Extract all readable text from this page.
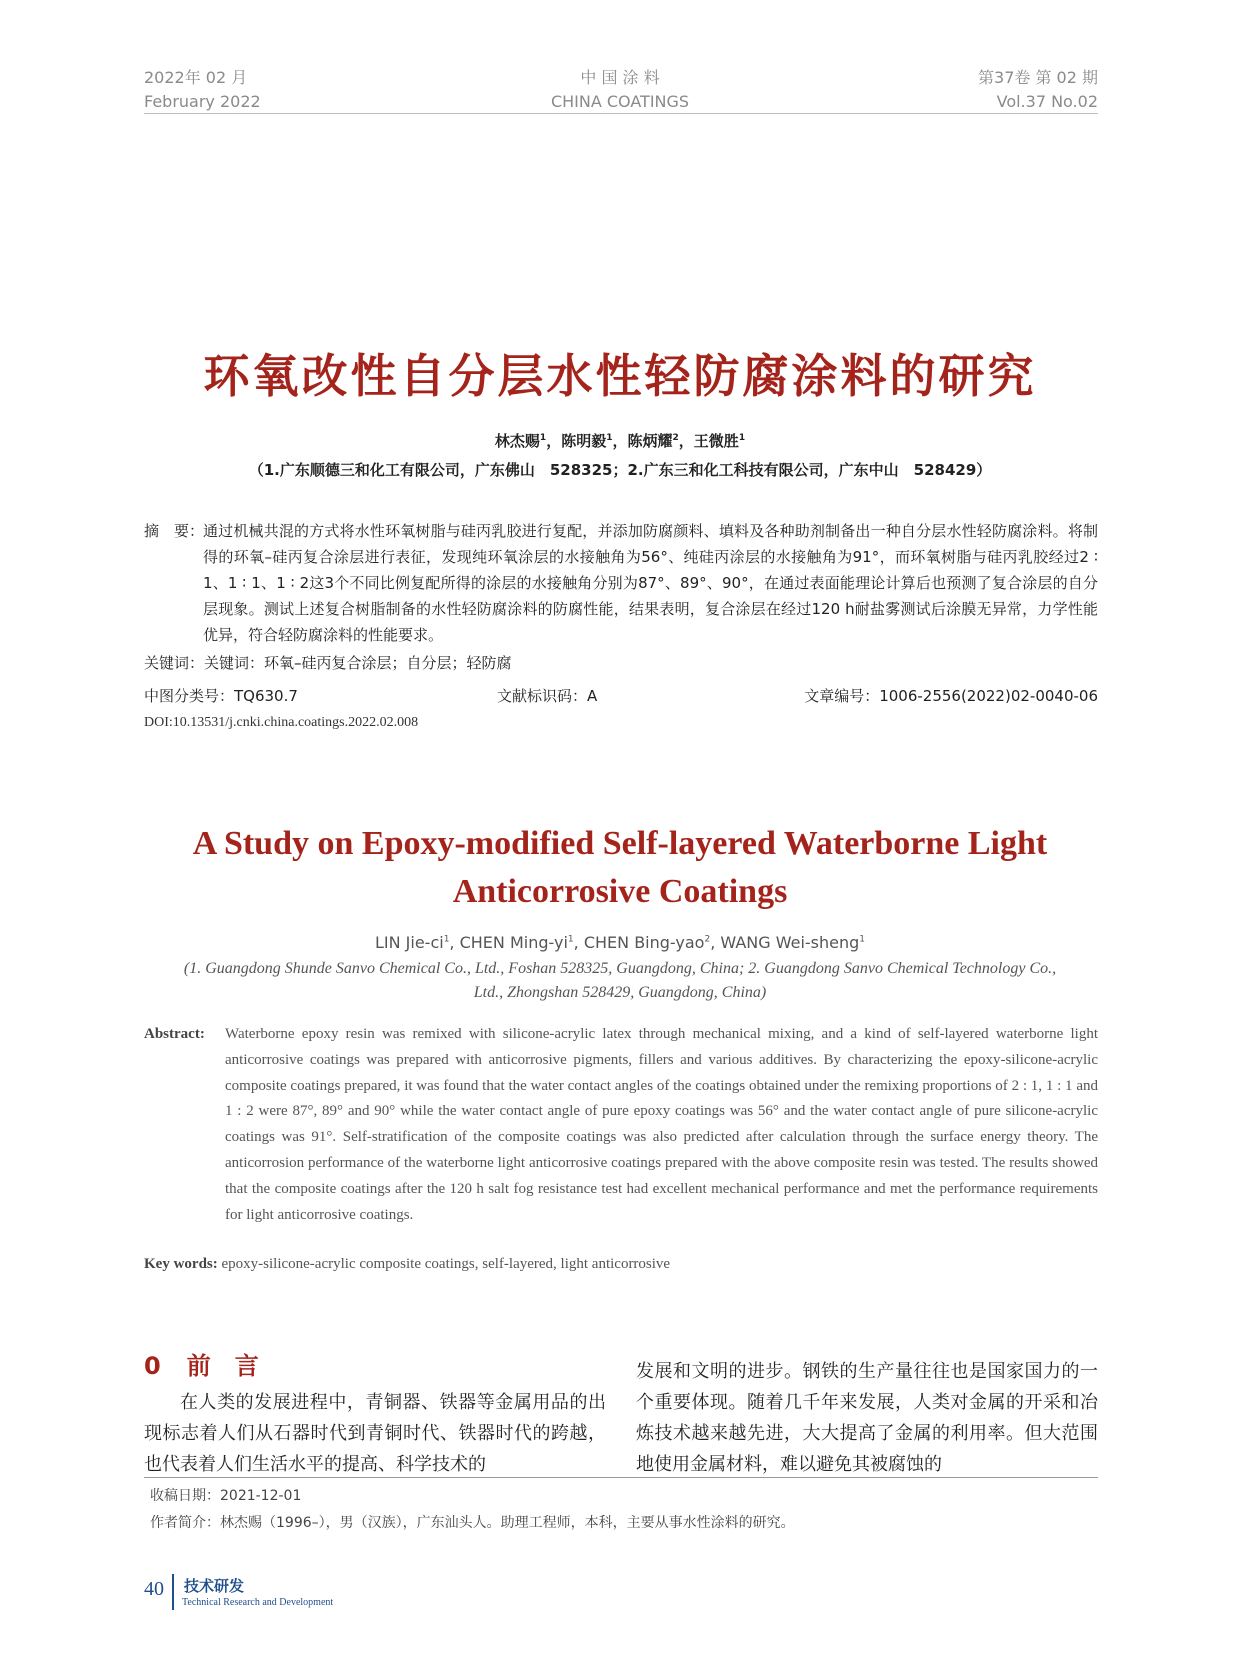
2022年 02 月
February 2022
中 国 涂 料
CHINA COATINGS
第37卷 第 02 期
Vol.37 No.02
环氧改性自分层水性轻防腐涂料的研究
林杰赐$^1$，陈明毅$^1$，陈炳耀$^2$，王微胜$^1$
（1.广东顺德三和化工有限公司，广东佛山　528325；2.广东三和化工科技有限公司，广东中山　528429）
摘　要：
通过机械共混的方式将水性环氧树脂与硅丙乳胶进行复配，并添加防腐颜料、填料及各种助剂制备出一种自分层水性轻防腐涂料。将制得的环氧–硅丙复合涂层进行表征，发现纯环氧涂层的水接触角为56°、纯硅丙涂层的水接触角为91°，而环氧树脂与硅丙乳胶经过2 ∶ 1、1 ∶ 1、1 ∶ 2这3个不同比例复配所得的涂层的水接触角分别为87°、89°、90°，在通过表面能理论计算后也预测了复合涂层的自分层现象。测试上述复合树脂制备的水性轻防腐涂料的防腐性能，结果表明，复合涂层在经过120 h耐盐雾测试后涂膜无异常，力学性能优异，符合轻防腐涂料的性能要求。
关键词：关键词：环氧–硅丙复合涂层；自分层；轻防腐
中图分类号：TQ630.7	文献标识码：A	文章编号：1006-2556(2022)02-0040-06
DOI:10.13531/j.cnki.china.coatings.2022.02.008
A Study on Epoxy-modified Self-layered Waterborne Light
Anticorrosive Coatings
LIN Jie-$ci^1$, CHEN Ming-$yi^1$, CHEN Bing-yao$^2$, WANG Wei-sheng$^1$
(1. Guangdong Shunde Sanvo Chemical Co., Ltd., Foshan 528325, Guangdong, China; 2. Guangdong Sanvo Chemical Technology Co., Ltd., Zhongshan 528429, Guangdong, China)
Abstract: Waterborne epoxy resin was remixed with silicone-acrylic latex through mechanical mixing, and a kind of self-layered waterborne light anticorrosive coatings was prepared with anticorrosive pigments, fillers and various additives. By characterizing the epoxy-silicone-acrylic composite coatings prepared, it was found that the water contact angles of the coatings obtained under the remixing proportions of 2 : 1, 1 : 1 and 1 : 2 were 87°, 89° and 90° while the water contact angle of pure epoxy coatings was 56° and the water contact angle of pure silicone-acrylic coatings was 91°. Self-stratification of the composite coatings was also predicted after calculation through the surface energy theory. The anticorrosion performance of the waterborne light anticorrosive coatings prepared with the above composite resin was tested. The results showed that the composite coatings after the 120 h salt fog resistance test had excellent mechanical performance and met the performance requirements for light anticorrosive coatings.
Key words: epoxy-silicone-acrylic composite coatings, self-layered, light anticorrosive
0 前　言
在人类的发展进程中，青铜器、铁器等金属用品的出现标志着人们从石器时代到青铜时代、铁器时代的跨越，也代表着人们生活水平的提高、科学技术的
发展和文明的进步。钢铁的生产量往往也是国家国力的一个重要体现。随着几千年来发展，人类对金属的开采和冶炼技术越来越先进，大大提高了金属的利用率。但大范围地使用金属材料，难以避免其被腐蚀的
收稿日期：2021-12-01
作者简介：林杰赐（1996–），男（汉族），广东汕头人。助理工程师，本科，主要从事水性涂料的研究。
40 技术研发
Technical Research and Development
